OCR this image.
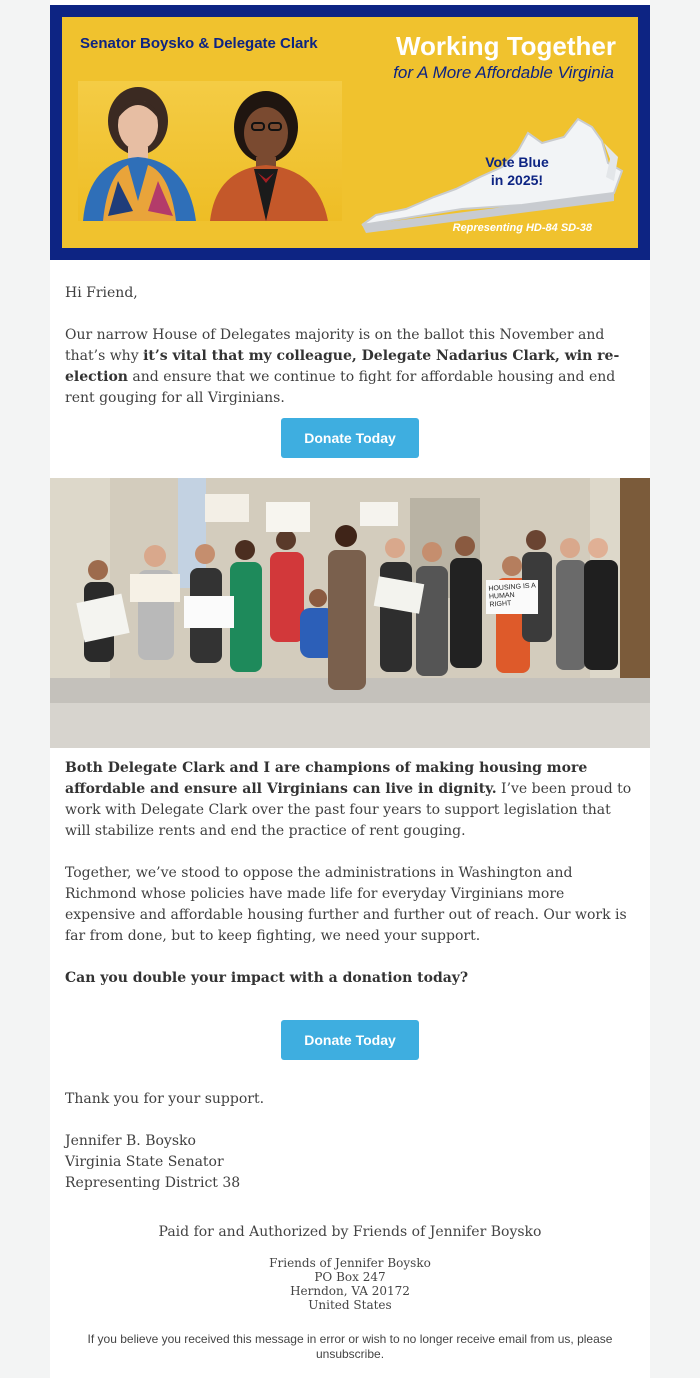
Senator Boysko & Delegate Clark	Working Together
for A More Affordable Virginia
Vote Blue
in 2025!
Representing HD-84 SD-38

Hi Friend,

Our narrow House of Delegates majority is on the ballot this November and that’s why it’s vital that my colleague, Delegate Nadarius Clark, win re-election and ensure that we continue to fight for affordable housing and end rent gouging for all Virginians.

Donate Today
HOUSING IS A HUMAN RIGHT

Both Delegate Clark and I are champions of making housing more affordable and ensure all Virginians can live in dignity. I’ve been proud to work with Delegate Clark over the past four years to support legislation that will stabilize rents and end the practice of rent gouging.

Together, we’ve stood to oppose the administrations in Washington and Richmond whose policies have made life for everyday Virginians more expensive and affordable housing further and further out of reach. Our work is far from done, but to keep fighting, we need your support.

Can you double your impact with a donation today?

Donate Today

Thank you for your support.

Jennifer B. Boysko

Virginia State Senator

Representing District 38

Paid for and Authorized by Friends of Jennifer Boysko
Friends of Jennifer Boysko
PO Box 247
Herndon, VA 20172
United States
If you believe you received this message in error or wish to no longer receive email from us, please unsubscribe.
